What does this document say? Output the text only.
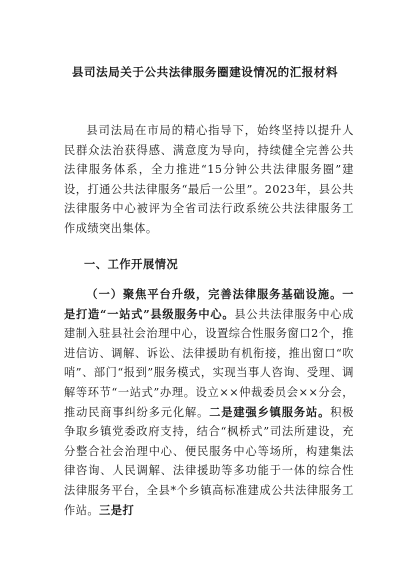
县司法局关于公共法律服务圈建设情况的汇报材料

县司法局在市局的精心指导下，始终坚持以提升人民群众法治获得感、满意度为导向，持续健全完善公共法律服务体系，全力推进“15分钟公共法律服务圈”建设，打通公共法律服务“最后一公里”。2023年，县公共法律服务中心被评为全省司法行政系统公共法律服务工作成绩突出集体。

一、工作开展情况

（一）聚焦平台升级，完善法律服务基础设施。一是打造“一站式”县级服务中心。县公共法律服务中心成建制入驻县社会治理中心，设置综合性服务窗口2个，推进信访、调解、诉讼、法律援助有机衔接，推出窗口“吹哨”、部门“报到”服务模式，实现当事人咨询、受理、调解等环节“一站式”办理。设立××仲裁委员会××分会，推动民商事纠纷多元化解。二是建强乡镇服务站。积极争取乡镇党委政府支持，结合“枫桥式”司法所建设，充分整合社会治理中心、便民服务中心等场所，构建集法律咨询、人民调解、法律援助等多功能于一体的综合性法律服务平台，全县*个乡镇高标准建成公共法律服务工作站。三是打
